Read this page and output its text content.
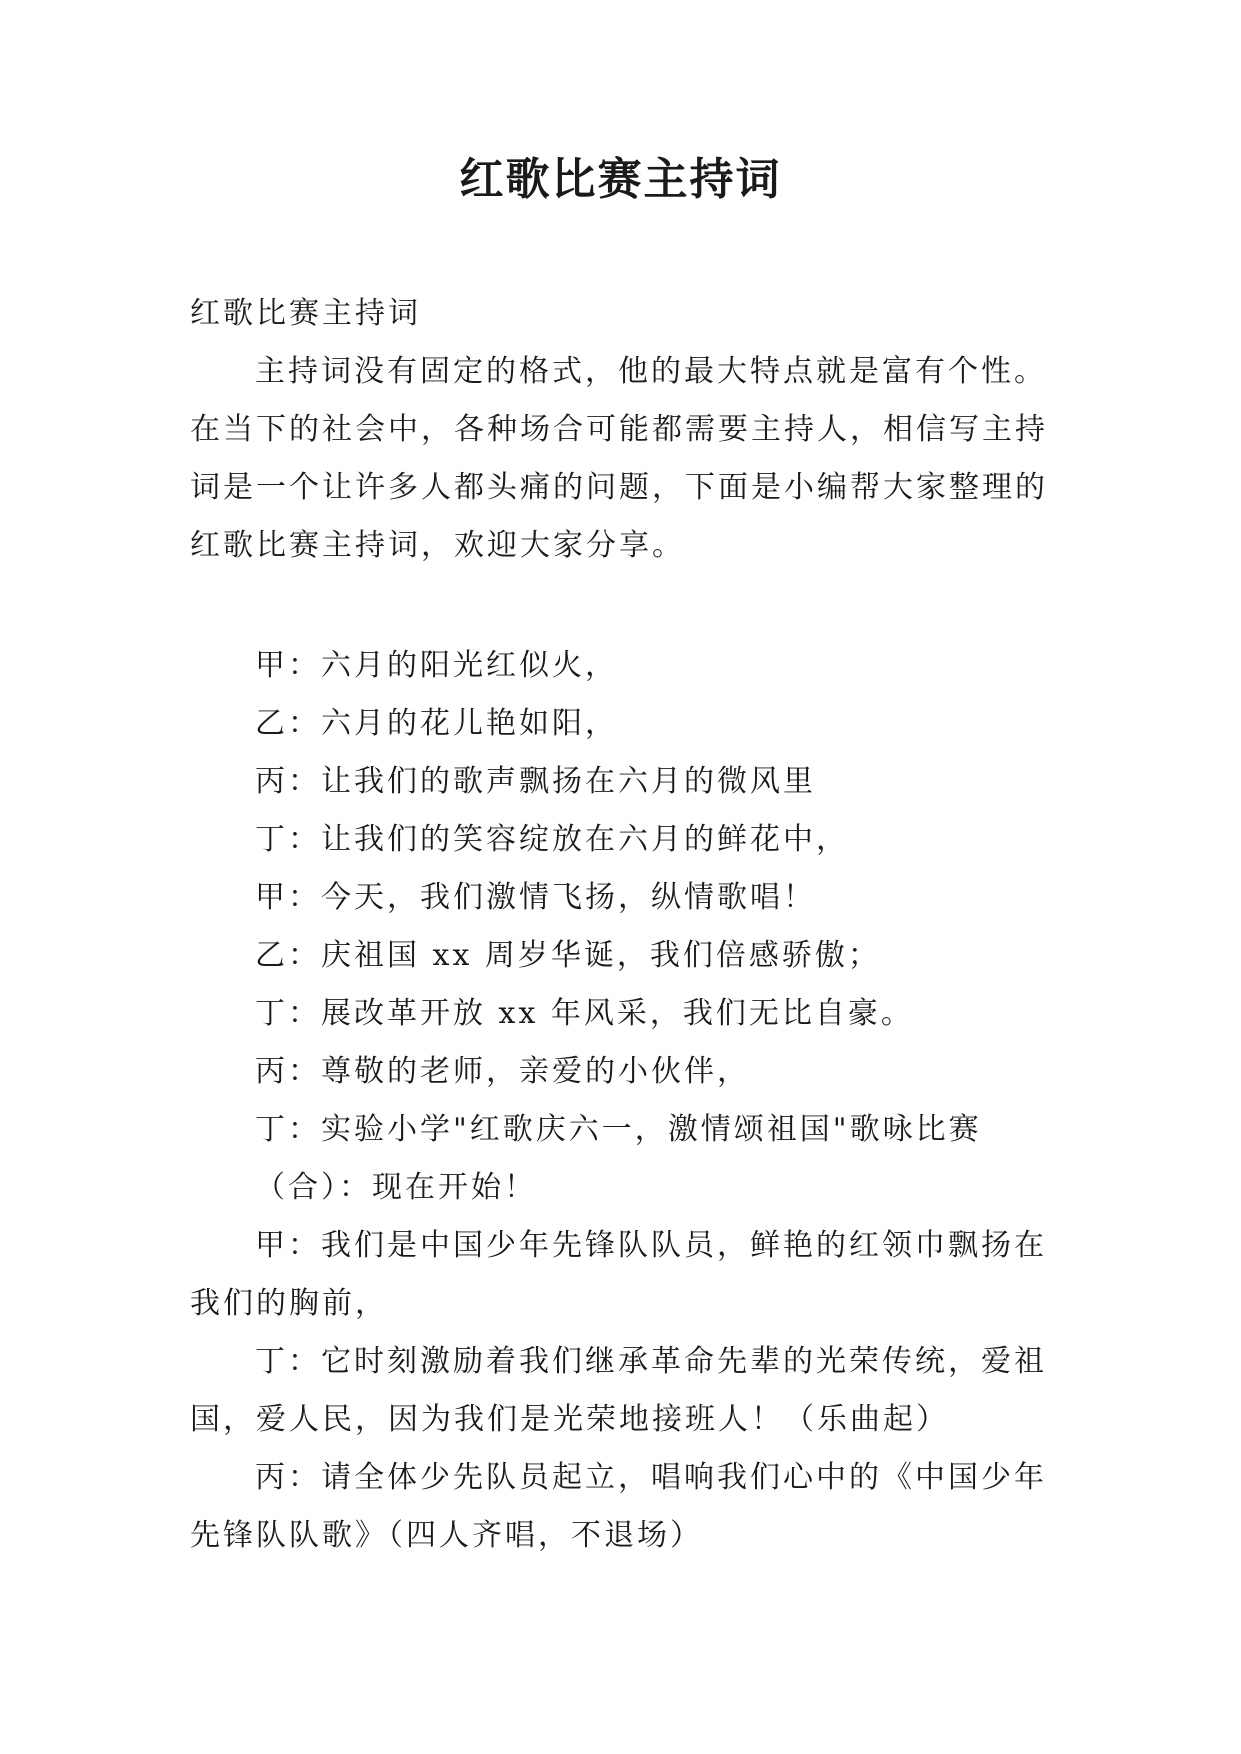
红歌比赛主持词

红歌比赛主持词

主持词没有固定的格式，他的最大特点就是富有个性。在当下的社会中，各种场合可能都需要主持人，相信写主持词是一个让许多人都头痛的问题，下面是小编帮大家整理的红歌比赛主持词，欢迎大家分享。

甲：六月的阳光红似火，

乙：六月的花儿艳如阳，

丙：让我们的歌声飘扬在六月的微风里

丁：让我们的笑容绽放在六月的鲜花中，

甲：今天，我们激情飞扬，纵情歌唱！

乙：庆祖国 xx 周岁华诞，我们倍感骄傲；

丁：展改革开放 xx 年风采，我们无比自豪。

丙：尊敬的老师，亲爱的小伙伴，

丁：实验小学"红歌庆六一，激情颂祖国"歌咏比赛

（合）：现在开始！

甲：我们是中国少年先锋队队员，鲜艳的红领巾飘扬在我们的胸前，

丁：它时刻激励着我们继承革命先辈的光荣传统，爱祖国，爱人民，因为我们是光荣地接班人！（乐曲起）

丙：请全体少先队员起立，唱响我们心中的《中国少年先锋队队歌》（四人齐唱，不退场）
